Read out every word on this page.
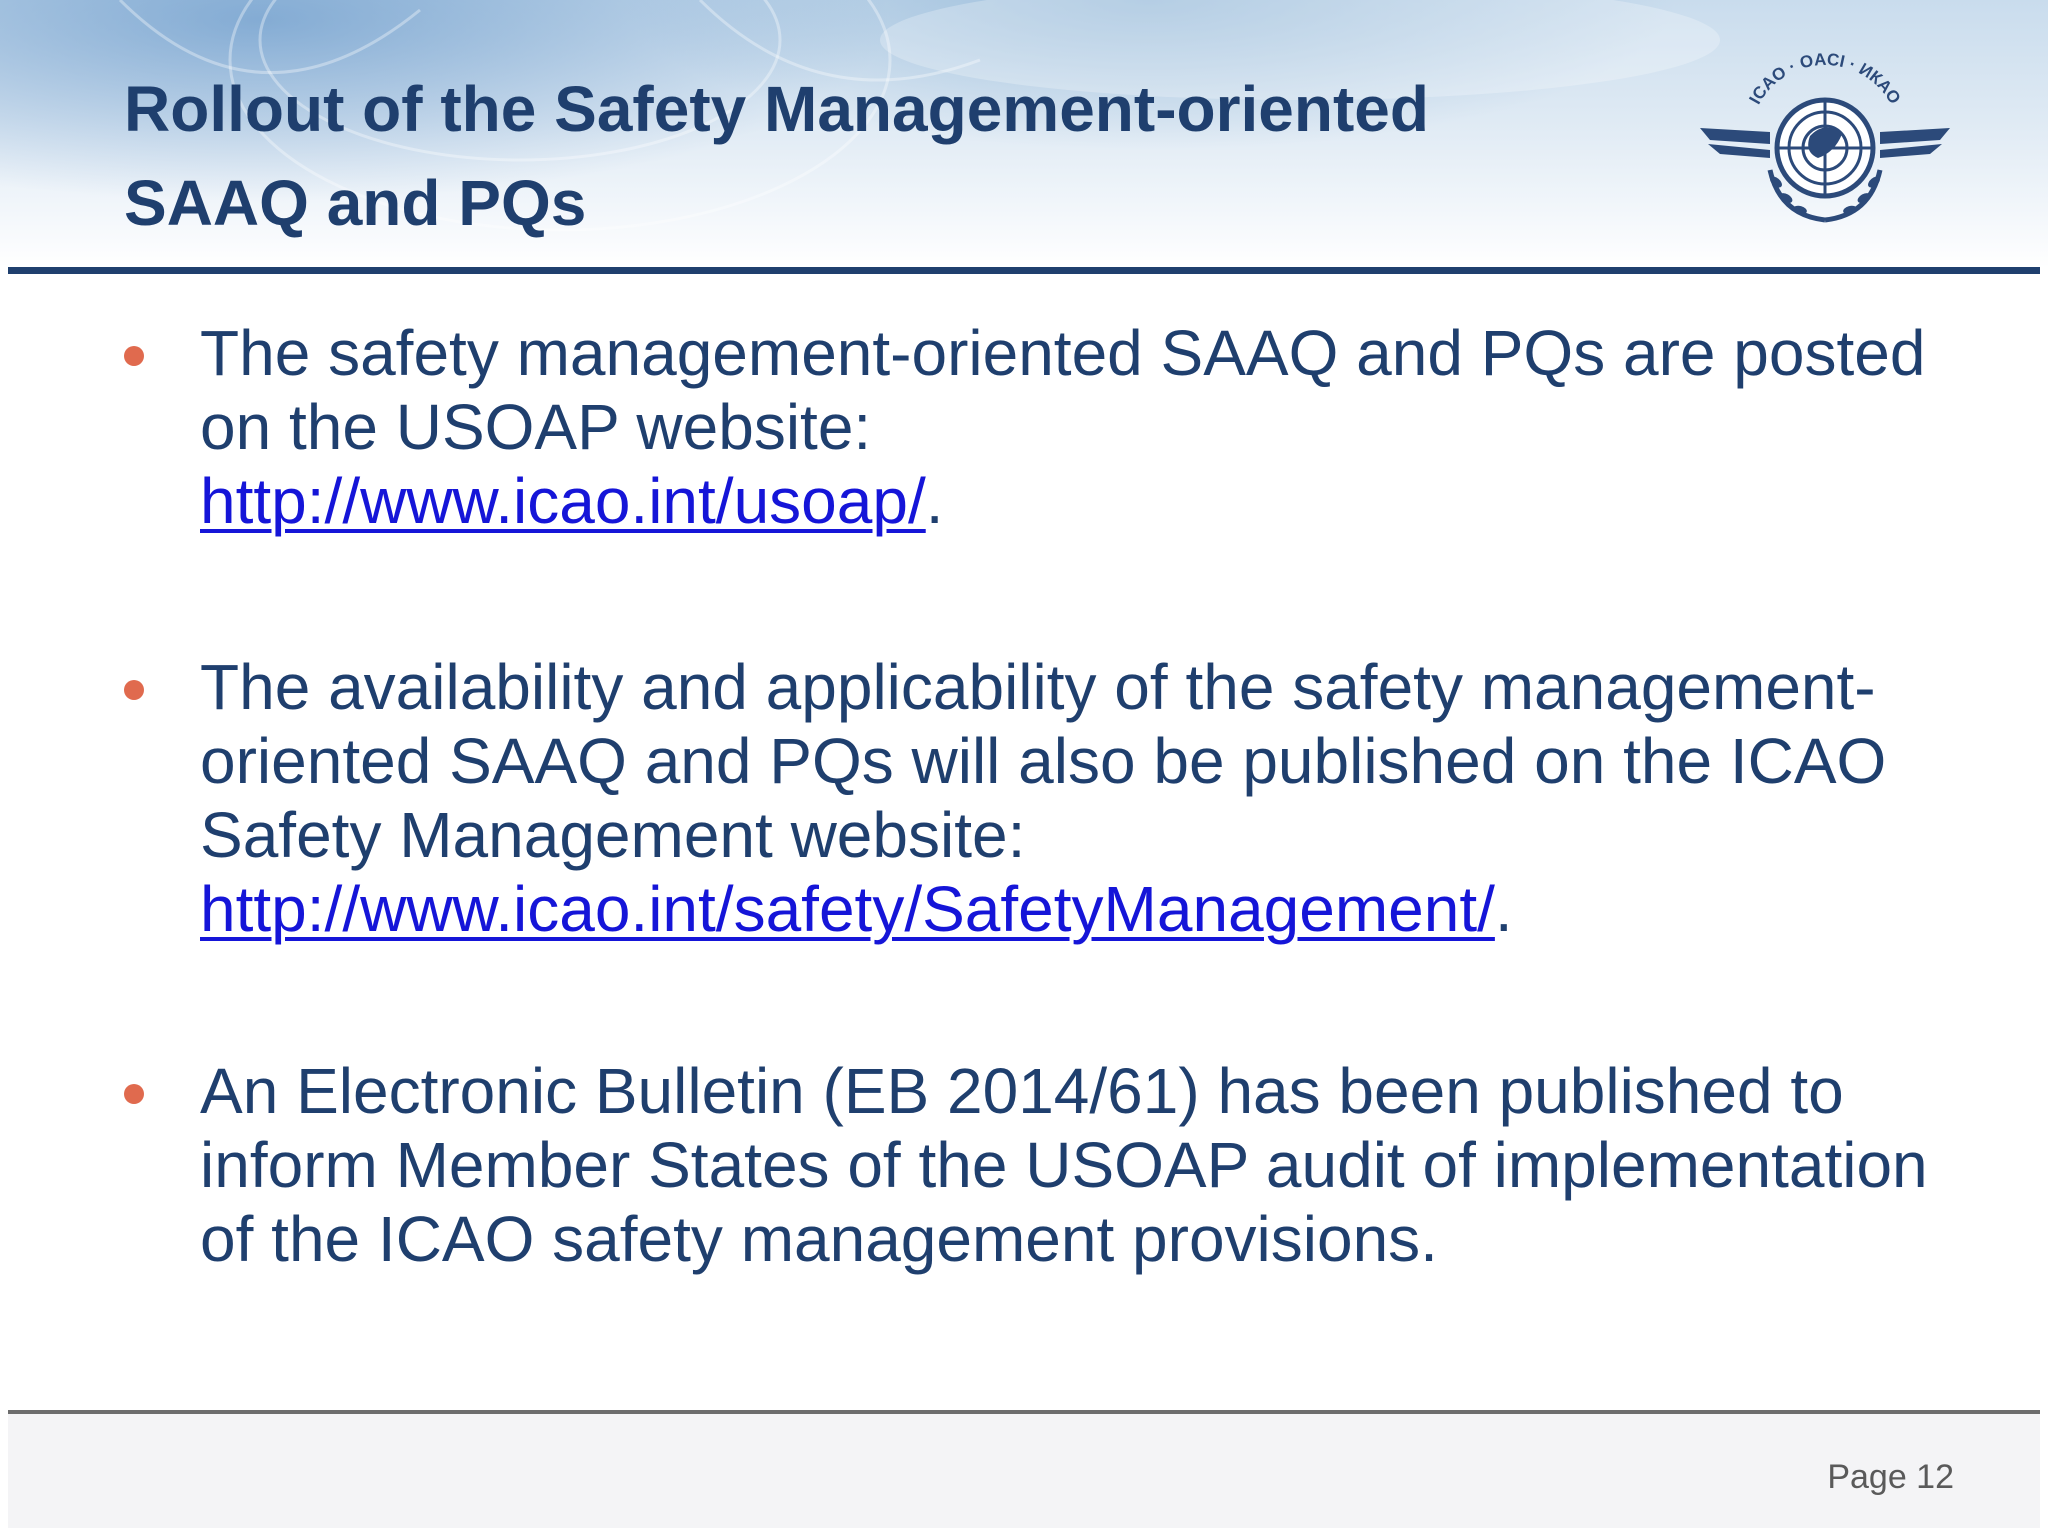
Rollout of the Safety Management-oriented
SAAQ and PQs
ICAO · OACI · ИКАО

The safety management-oriented SAAQ and PQs are posted on the USOAP website:
http://www.icao.int/usoap/.

The availability and applicability of the safety management-oriented SAAQ and PQs will also be published on the ICAO Safety Management website:
http://www.icao.int/safety/SafetyManagement/.

An Electronic Bulletin (EB 2014/61) has been published to inform Member States of the USOAP audit of implementation of the ICAO safety management provisions.

Page 12
